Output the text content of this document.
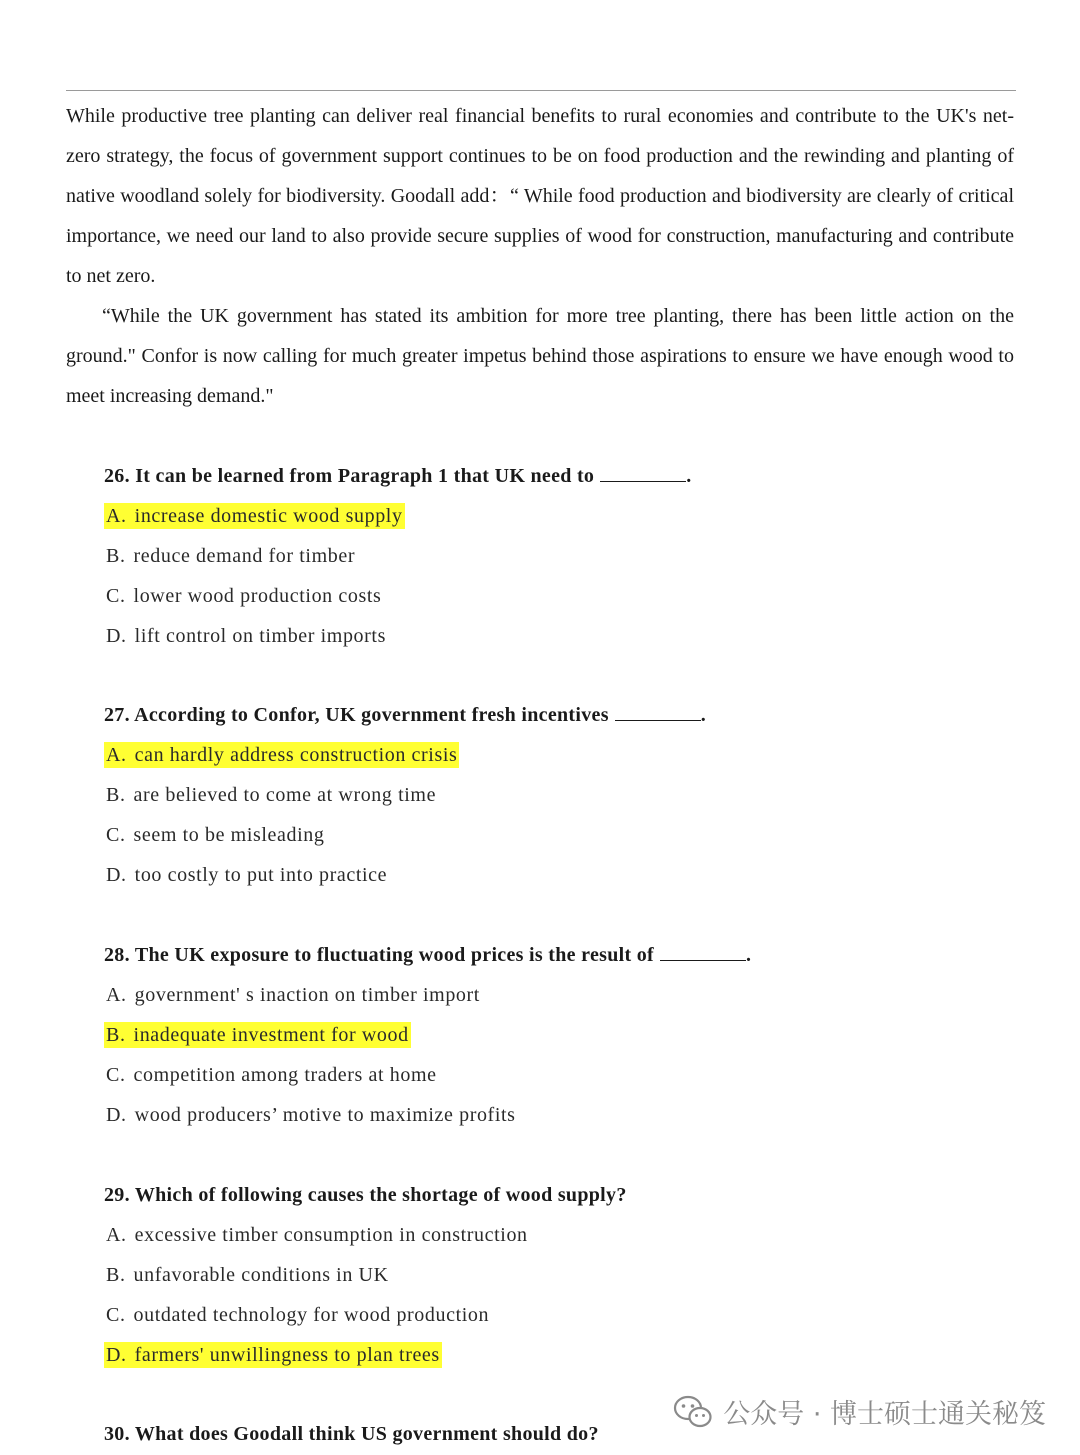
While productive tree planting can deliver real financial benefits to rural economies and contribute to the UK's net-zero strategy, the focus of government support continues to be on food production and the rewinding and planting of native woodland solely for biodiversity. Goodall add：“ While food production and biodiversity are clearly of critical importance, we need our land to also provide secure supplies of wood for construction, manufacturing and contribute to net zero.

“While the UK government has stated its ambition for more tree planting, there has been little action on the ground." Confor is now calling for much greater impetus behind those aspirations to ensure we have enough wood to meet increasing demand."

26. It can be learned from Paragraph 1 that UK need to	.
A. increase domestic wood supply
B. reduce demand for timber
C. lower wood production costs
D. lift control on timber imports
27. According to Confor, UK government fresh incentives	.
A. can hardly address construction crisis
B. are believed to come at wrong time
C. seem to be misleading
D. too costly to put into practice
28. The UK exposure to fluctuating wood prices is the result of	.
A. government' s inaction on timber import
B. inadequate investment for wood
C. competition among traders at home
D. wood producers’ motive to maximize profits
29. Which of following causes the shortage of wood supply?
A. excessive timber consumption in construction
B. unfavorable conditions in UK
C. outdated technology for wood production
D. farmers' unwillingness to plan trees
30. What does Goodall think US government should do?
公众号 · 博士硕士通关秘笈
